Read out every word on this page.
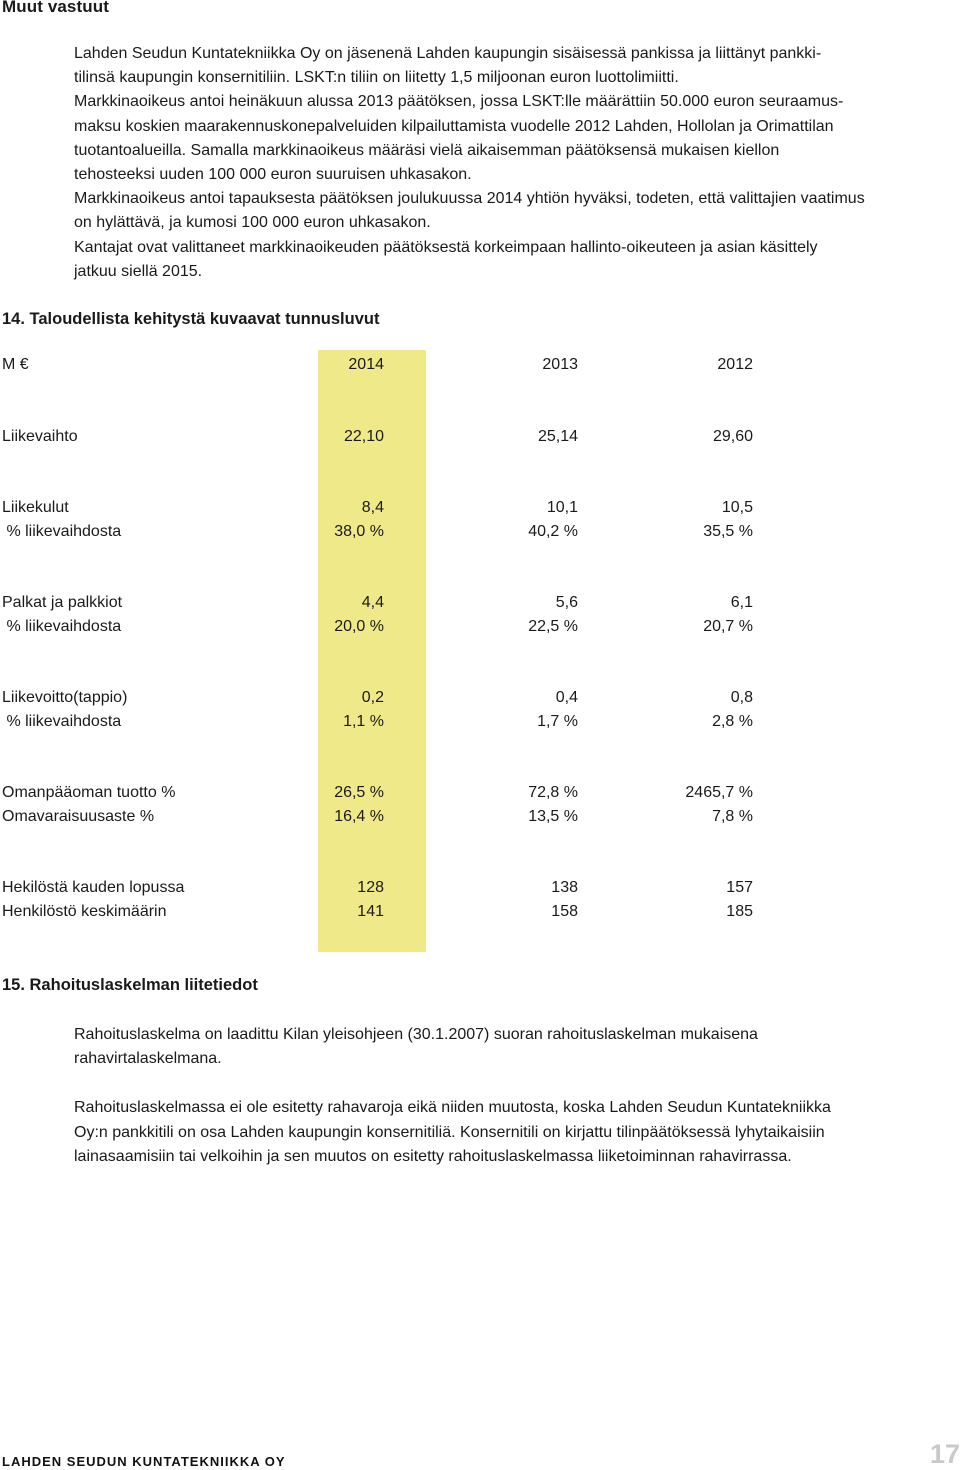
Muut vastuut

Lahden Seudun Kuntatekniikka Oy on jäsenenä Lahden kaupungin sisäisessä pankissa ja liittänyt pankki-
tilinsä kaupungin konsernitiliin. LSKT:n tiliin on liitetty 1,5 miljoonan euron luottolimiitti.
Markkinaoikeus antoi heinäkuun alussa 2013 päätöksen, jossa LSKT:lle määrättiin 50.000 euron seuraamus-
maksu koskien maarakennuskonepalveluiden kilpailuttamista vuodelle 2012 Lahden, Hollolan ja Orimattilan
tuotantoalueilla. Samalla markkinaoikeus määräsi vielä aikaisemman päätöksensä mukaisen kiellon
tehosteeksi uuden 100 000 euron suuruisen uhkasakon.
Markkinaoikeus antoi tapauksesta päätöksen joulukuussa 2014 yhtiön hyväksi, todeten, että valittajien vaatimus
on hylättävä, ja kumosi 100 000 euron uhkasakon.
Kantajat ovat valittaneet markkinaoikeuden päätöksestä korkeimpaan hallinto-oikeuteen ja asian käsittely
jatkuu siellä 2015.

14. Taloudellista kehitystä kuvaavat tunnusluvut
M €	2014	2013	2012
Liikevaihto	22,10	25,14	29,60
Liikekulut	8,4	10,1	10,5
% liikevaihdosta	38,0 %	40,2 %	35,5 %
Palkat ja palkkiot	4,4	5,6	6,1
% liikevaihdosta	20,0 %	22,5 %	20,7 %
Liikevoitto(tappio)	0,2	0,4	0,8
% liikevaihdosta	1,1 %	1,7 %	2,8 %
Omanpääoman tuotto %	26,5 %	72,8 %	2465,7 %
Omavaraisuusaste %	16,4 %	13,5 %	7,8 %
Hekilöstä kauden lopussa	128	138	157
Henkilöstö keskimäärin	141	158	185
15. Rahoituslaskelman liitetiedot

Rahoituslaskelma on laadittu Kilan yleisohjeen (30.1.2007) suoran rahoituslaskelman mukaisena
rahavirtalaskelmana.

Rahoituslaskelmassa ei ole esitetty rahavaroja eikä niiden muutosta, koska Lahden Seudun Kuntatekniikka
Oy:n pankkitili on osa Lahden kaupungin konsernitiliä. Konsernitili on kirjattu tilinpäätöksessä lyhytaikaisiin
lainasaamisiin tai velkoihin ja sen muutos on esitetty rahoituslaskelmassa liiketoiminnan rahavirrassa.

LAHDEN SEUDUN KUNTATEKNIIKKA OY	17
